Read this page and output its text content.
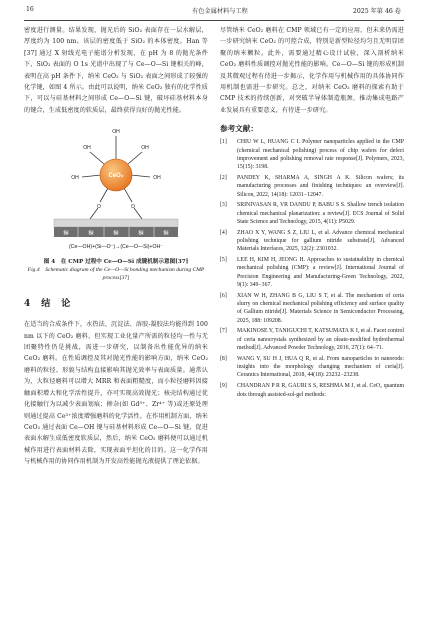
16	有色金属材料与工程	2025 年第 46 卷

密度进行测量。结果发现，抛光后的 SiO₂ 表面存在一层水解层，厚度约为 100 nm。该层的密度低于 SiO₂ 的本体密度。Han 等[37] 通过 X 射线光电子能谱分析发现，在 pH 为 8 的抛光条件下，SiO₂ 表面的 O 1s 光谱中出现了与 Ce—O—Si 键相关的峰，表明在高 pH 条件下，纳米 CeO₂ 与 SiO₂ 表面之间形成了较强的化学键，如图 4 所示。由此可以说明，纳米 CeO₂ 独有的化学性质下，可以与硅基材料之间形成 Ce—O—Si 键，破坏硅基材料本身的键合，生成低密度的软质层，最终获得良好的抛光性能。

CeO₂
OH
OH	OH
OH	OH
O	O
Si	Si	Si	Si	Si
(Ce—OH)+(Si—O⁻)→(Ce—O—Si)+OH⁻
图 4　在 CMP 过程中 Ce—O—Si 成键机制示意图[37]
Fig.4　Schematic diagram of the Ce—O—Si bonding mechanism during CMP process[37]
4　结　论

在适当的合成条件下，水热法、沉淀法、溶胶-凝胶法均能得到 100 nm 以下的 CeO₂ 磨料，但实现工业化量产所需的粒径均一性与无团聚特性仍是挑战，需进一步研究，以制备出性能优异的纳米 CeO₂ 磨料。在性质调控及其对抛光性能的影响方面，纳米 CeO₂ 磨料的粒径、形貌与结构直接影响其抛光效率与表面质量。通常认为，大粒径磨料可以增大 MRR 和表面粗糙度，而小粒径磨料因接触面积增大和化学活性提升，亦可实现高效抛光；核壳结构通过优化接触行为以减少表面划痕；掺杂(如 Gd³⁺、Zr⁴⁺ 等)或还原处理则通过提高 Ce³⁺浓度增强磨料的化学活性。在作用机制方面，纳米 CeO₂ 通过表面 Ce—OH 键与硅基材料形成 Ce—O—Si 键，促进表面水解生成低密度软质层，然后，纳米 CeO₂ 磨料便可以通过机械作用进行表面材料去除，实现表面平坦化的目的。这一化学作用与机械作用的协同作用机制为开发高性能抛光液提供了理论依据。

尽管纳米 CeO₂ 磨料在 CMP 领域已有一定的应用，但未来仍需进一步研究纳米 CeO₂ 的可控合成，特别是新型粒径均匀且无明显团聚的纳米颗粒。此外，需要通过精心设计试验，深入剖析纳米 CeO₂ 磨料性质调控对抛光性能的影响。Ce—O—Si 键的形成机制及其微观过程有待进一步揭示，化学作用与机械作用的具体协同作用机制也需进一步研究。总之，对纳米 CeO₂ 磨料的探索有助于 CMP 技术的持续创新，对突破半导体制造瓶颈、推动集成电路产业发展具有重要意义，有待进一步研究。

参考文献：
[1]	CHIU W L, HUANG C I. Polymer nanoparticles applied in the CMP (chemical mechanical polishing) process of chip wafers for defect improvement and polishing removal rate response[J]. Polymers, 2023, 15(15): 3198.
[2]	PANDEY K, SHARMA A, SINGH A K. Silicon wafers; its manufacturing processes and finishing techniques: an overview[J]. Silicon, 2022, 14(18): 12031−12047.
[3]	SRINIVASAN R, VR DANDU P, BABU S S. Shallow trench isolation chemical mechanical planarization: a review[J]. ECS Journal of Solid State Science and Technology, 2015, 4(11): P5029.
[4]	ZHAO X Y, WANG S Z, LIU L, et al. Advance chemical mechanical polishing technique for gallium nitride substrate[J]. Advanced Materials Interfaces, 2025, 12(2): 2301032.
[5]	LEE H, KIM H, JEONG H. Approaches to sustainability in chemical mechanical polishing (CMP): a review[J]. International Journal of Precision Engineering and Manufacturing-Green Technology, 2022, 9(1): 349−367.
[6]	XIAN W H, ZHANG B G, LIU S T, et al. The mechanism of ceria slurry on chemical mechanical polishing efficiency and surface quality of Gallium nitride[J]. Materials Science in Semiconductor Processing, 2025, 188: 109208.
[7]	MAKINOSE Y, TANIGUCHI T, KATSUMATA K I, et al. Facet control of ceria nanocrystals synthesized by an oleate-modified hydrothermal method[J]. Advanced Powder Technology, 2016, 27(1): 64−71.
[8]	WANG Y, SU H J, HUA Q R, et al. From nanoparticles to nanorods: insights into the morphology changing mechanism of ceria[J]. Ceramics International, 2018, 44(18): 23232−23238.
[9]	CHANDRAN P R R, GAURI S S, RESHMA M J, et al. CeO₂ quantum dots through assisted-sol-gel methods:
